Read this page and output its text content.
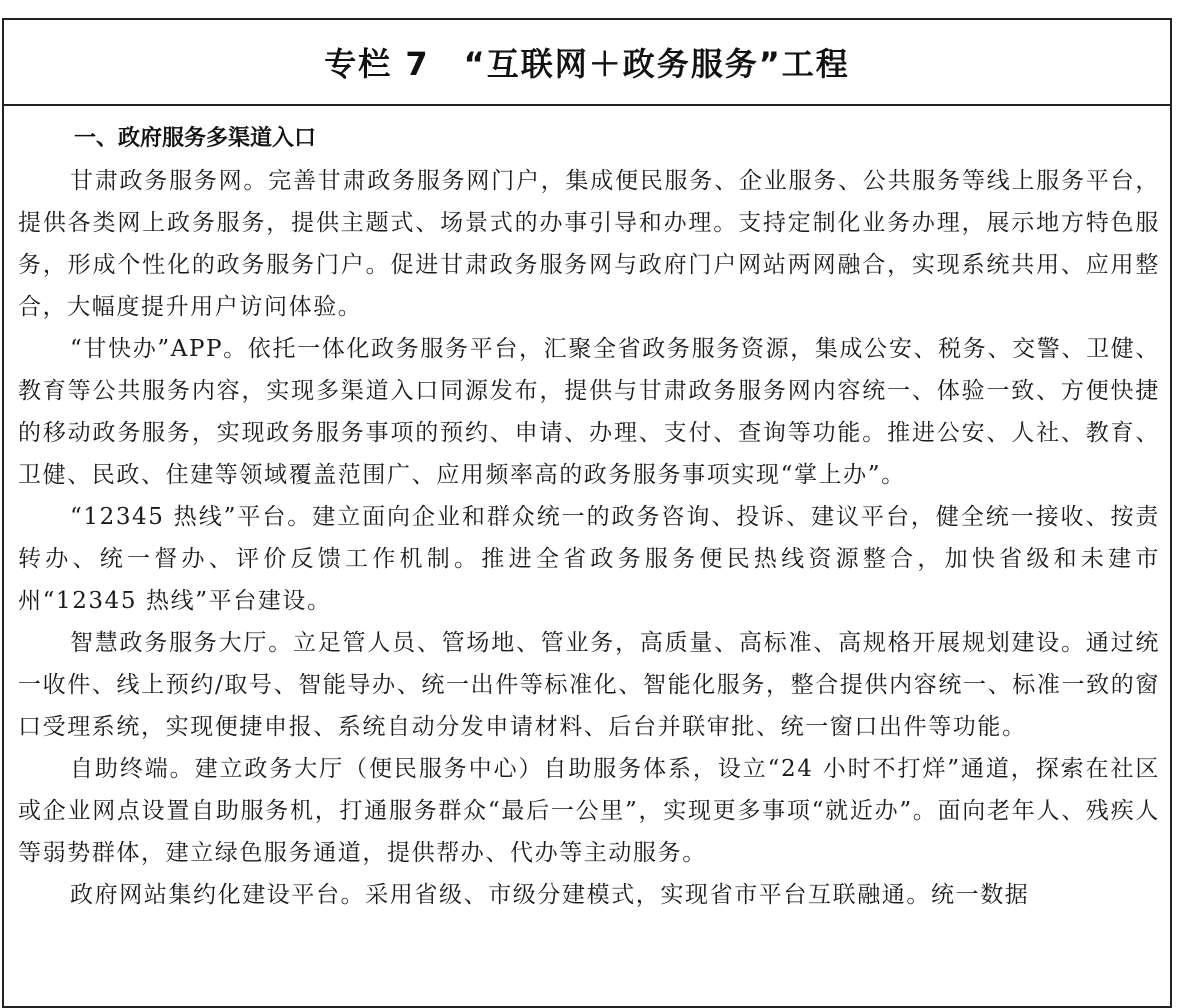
专栏 7　“互联网＋政务服务”工程

一、政府服务多渠道入口

甘肃政务服务网。完善甘肃政务服务网门户，集成便民服务、企业服务、公共服务等线上服务平台，提供各类网上政务服务，提供主题式、场景式的办事引导和办理。支持定制化业务办理，展示地方特色服务，形成个性化的政务服务门户。促进甘肃政务服务网与政府门户网站两网融合，实现系统共用、应用整合，大幅度提升用户访问体验。

“甘快办”APP。依托一体化政务服务平台，汇聚全省政务服务资源，集成公安、税务、交警、卫健、教育等公共服务内容，实现多渠道入口同源发布，提供与甘肃政务服务网内容统一、体验一致、方便快捷的移动政务服务，实现政务服务事项的预约、申请、办理、支付、查询等功能。推进公安、人社、教育、卫健、民政、住建等领域覆盖范围广、应用频率高的政务服务事项实现“掌上办”。

“12345 热线”平台。建立面向企业和群众统一的政务咨询、投诉、建议平台，健全统一接收、按责转办、统一督办、评价反馈工作机制。推进全省政务服务便民热线资源整合，加快省级和未建市州“12345 热线”平台建设。

智慧政务服务大厅。立足管人员、管场地、管业务，高质量、高标准、高规格开展规划建设。通过统一收件、线上预约/取号、智能导办、统一出件等标准化、智能化服务，整合提供内容统一、标准一致的窗口受理系统，实现便捷申报、系统自动分发申请材料、后台并联审批、统一窗口出件等功能。

自助终端。建立政务大厅（便民服务中心）自助服务体系，设立“24 小时不打烊”通道，探索在社区或企业网点设置自助服务机，打通服务群众“最后一公里”，实现更多事项“就近办”。面向老年人、残疾人等弱势群体，建立绿色服务通道，提供帮办、代办等主动服务。

政府网站集约化建设平台。采用省级、市级分建模式，实现省市平台互联融通。统一数据
